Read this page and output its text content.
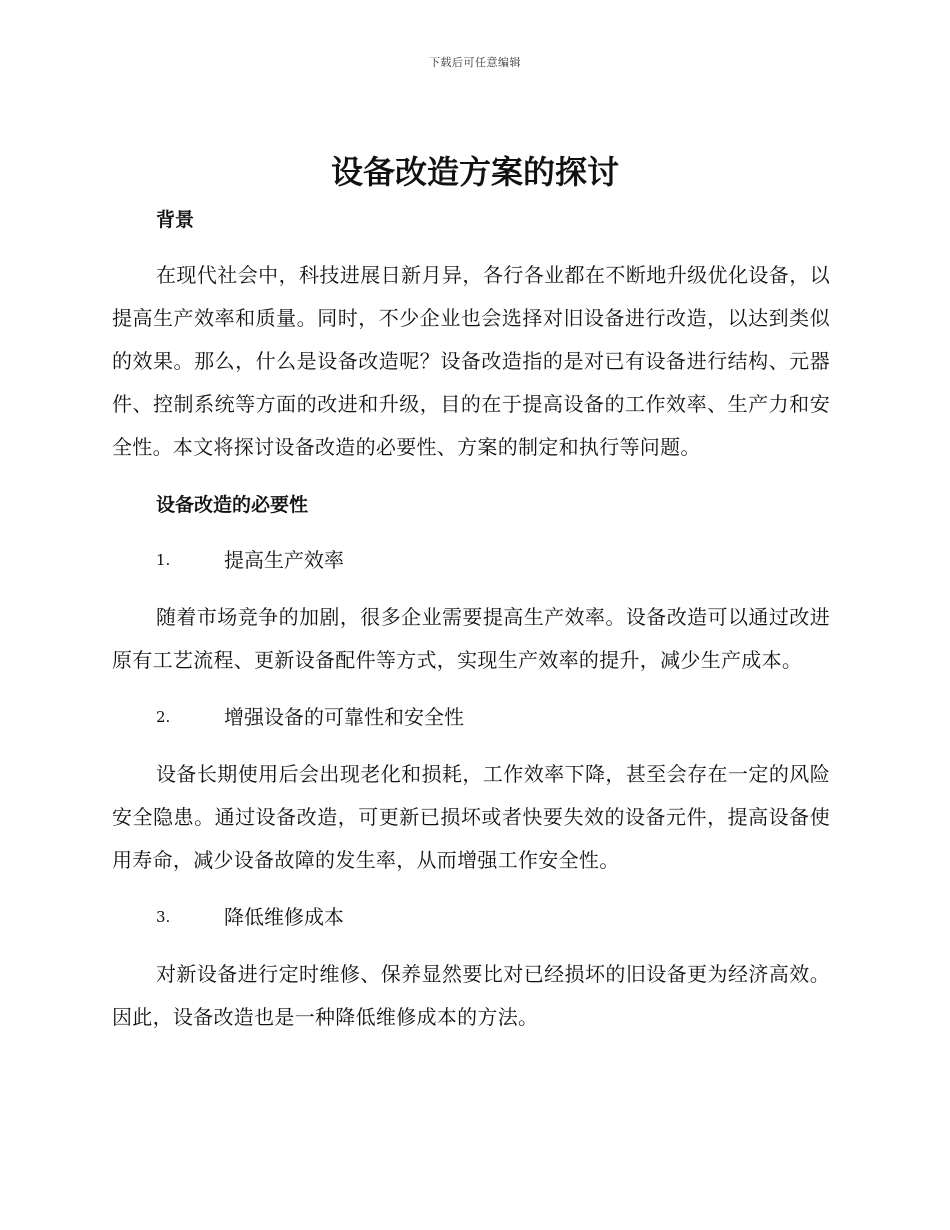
下载后可任意编辑
设备改造方案的探讨
背景

在现代社会中，科技进展日新月异，各行各业都在不断地升级优化设备，以提高生产效率和质量。同时，不少企业也会选择对旧设备进行改造，以达到类似的效果。那么，什么是设备改造呢？设备改造指的是对已有设备进行结构、元器件、控制系统等方面的改进和升级，目的在于提高设备的工作效率、生产力和安全性。本文将探讨设备改造的必要性、方案的制定和执行等问题。

设备改造的必要性
1.	提高生产效率

随着市场竞争的加剧，很多企业需要提高生产效率。设备改造可以通过改进原有工艺流程、更新设备配件等方式，实现生产效率的提升，减少生产成本。

2.	增强设备的可靠性和安全性

设备长期使用后会出现老化和损耗，工作效率下降，甚至会存在一定的风险安全隐患。通过设备改造，可更新已损坏或者快要失效的设备元件，提高设备使用寿命，减少设备故障的发生率，从而增强工作安全性。

3.	降低维修成本

对新设备进行定时维修、保养显然要比对已经损坏的旧设备更为经济高效。因此，设备改造也是一种降低维修成本的方法。
